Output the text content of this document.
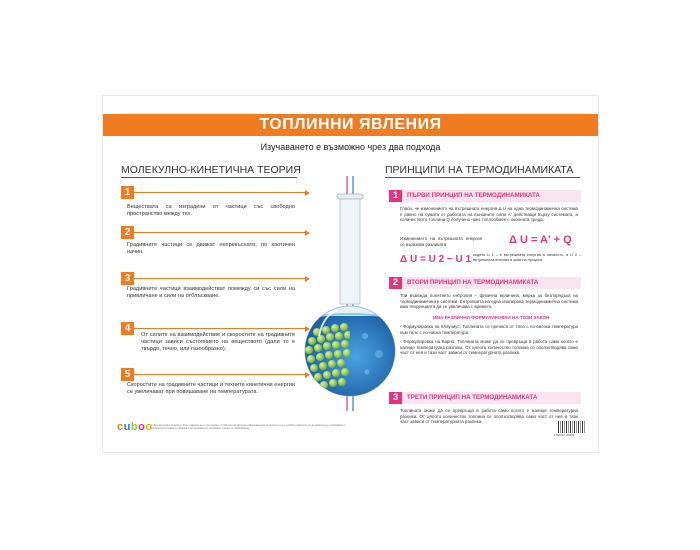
ТОПЛИННИ ЯВЛЕНИЯ
Изучаването е възможно чрез два подхода
МОЛЕКУЛНО-КИНЕТИЧНА ТЕОРИЯ	ПРИНЦИПИ НА ТЕРМОДИНАМИКАТА
1
Веществата са изградени от частици със свободно пространство между тях.
2
Градивните частици се движат непрекъснато, по хаотичен начин.
3
Градивните частици взаимодействат помежду си със сили на привличане и сили на отблъскване.
4
От силите на взаимодействие и скоростите на градивните частици зависи състоянието на веществото (дали то е твърдо, течно, или газообразно).
5
Скоростите на градивните частици и техните кинетични енергии се увеличават при повишаване на температурата.
1	ПЪРВИ ПРИНЦИП НА ТЕРМОДИНАМИКАТА
Гласи, че изменението на вътрешната енергия Δ U на една термодинамична система е равно на сумата от работата на външните сили A' действащи върху системата, и количеството топлина Q получено чрез топлообмен с околната среда:
Изменението на вътрешната енергия се изразява разликата	Δ U = A' + Q
Δ U = U 2 − U 1 където U 1 – е вътрешната енергия в началото, а U 2 – вътрешната енергия в края на процеса
2	ВТОРИ ПРИНЦИП НА ТЕРМОДИНАМИКАТА
Той въвежда понятието ентропия – физична величина, мярка за безпорядъка на термодинамичните системи. Ентропията на една изолирана термодинамична система има тенденцията да се увеличава с времето.
ИМА РАЗЛИЧНИ ФОРМУЛИРОВКИ НА ТОЗИ ЗАКОН
- Формулировка на Клаузиус: Топлината се пренася от тяло с по-висока температура към тяло с по-ниска температура.
- Формулировка на Карно: Топлината може да се превръща в работа само когато е налице температурна разлика. От цялото количество топлина се оползотворява само част от нея и тази част зависи от температурната разлика.
3	ТРЕТИ ПРИНЦИП НА ТЕРМОДИНАМИКАТА
Топлината може да се превръща в работа само когато е налице температурна разлика. От цялото количество топлина се оползотворява само част от нея и тази част зависи от температурната разлика.
cuboo
© Всички права запазени. Тази издание не е прегледано от Министерството на образованието и науката и не е учебно помагало. Съдържанието е съобразено с учебната програма по физика и астрономия за основната степен на образование.
3 800233 123456
